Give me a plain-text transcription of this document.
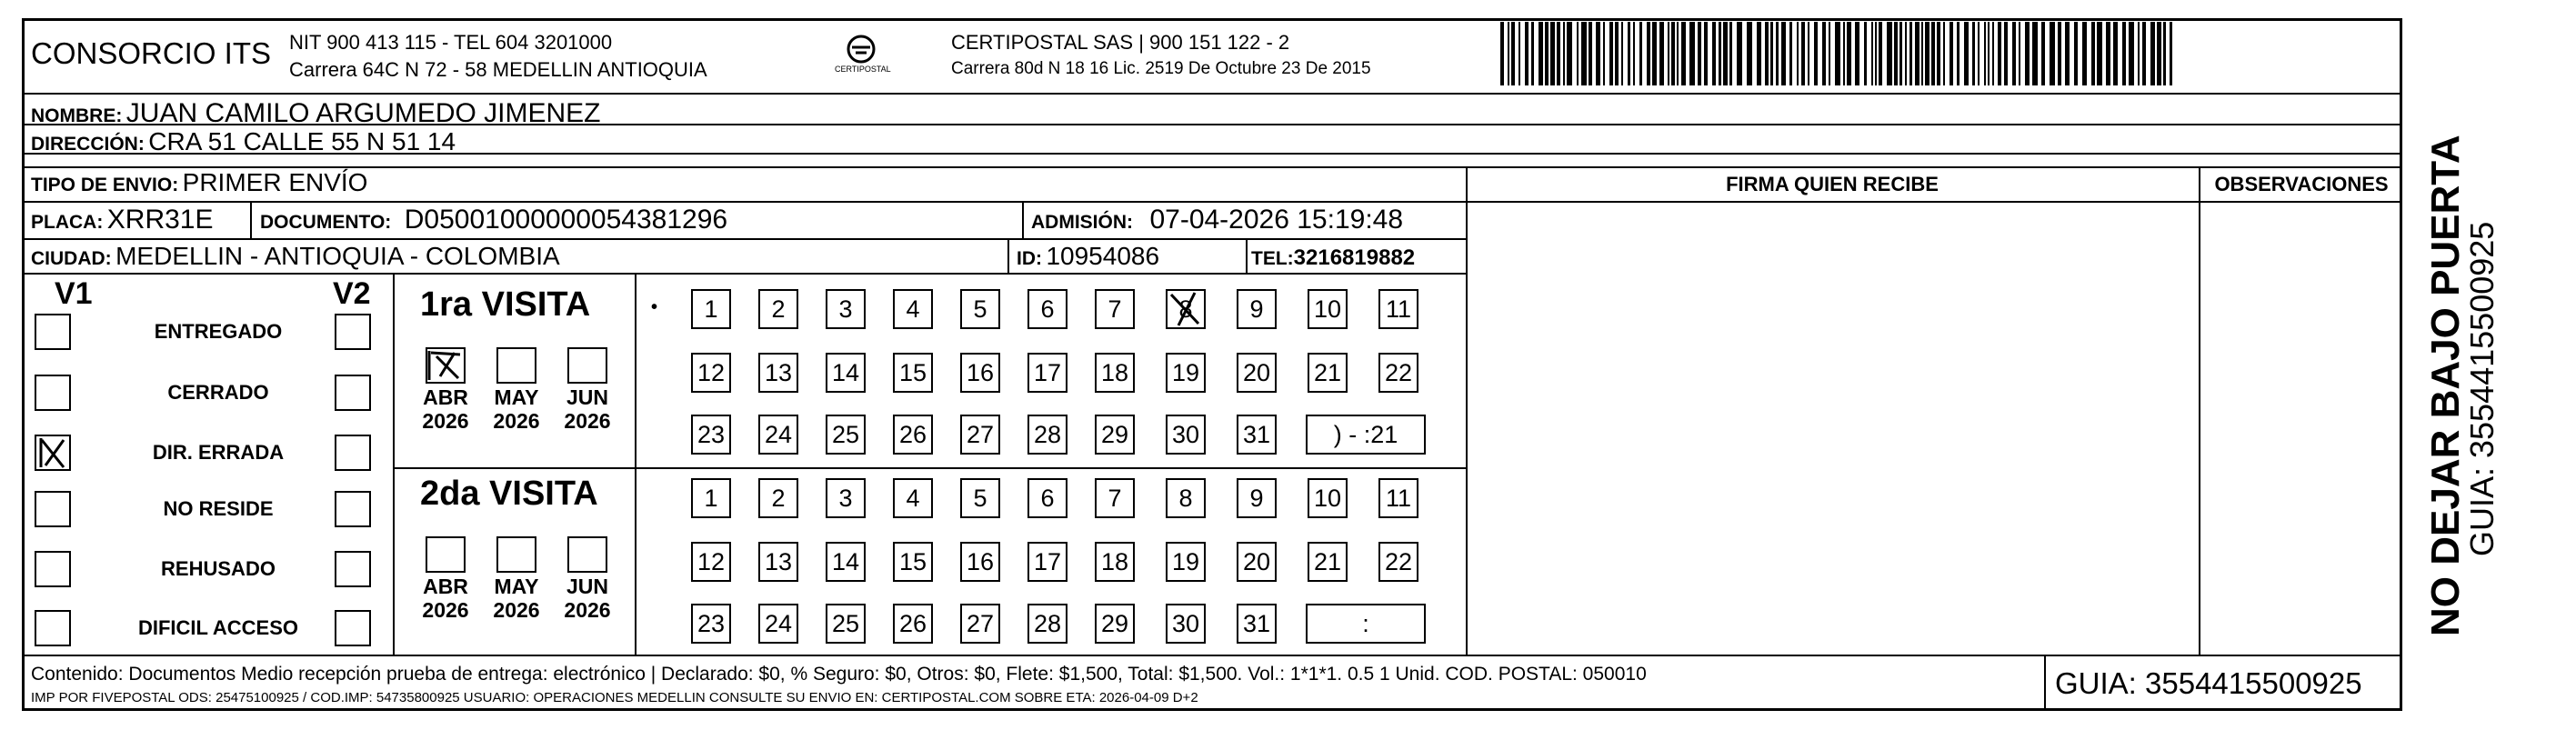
CONSORCIO ITS NIT 900 413 115 - TEL 604 3201000
Carrera 64C N 72 - 58 MEDELLIN ANTIOQUIA	CERTIPOSTAL
CERTIPOSTAL SAS | 900 151 122 - 2
Carrera 80d N 18 16 Lic. 2519 De Octubre 23 De 2015
NOMBRE: JUAN CAMILO ARGUMEDO JIMENEZ
DIRECCIÓN: CRA 51 CALLE 55 N 51 14
TIPO DE ENVIO: PRIMER ENVÍO	FIRMA QUIEN RECIBE	OBSERVACIONES
PLACA: XRR31E DOCUMENTO: D05001000000054381296	ADMISIÓN: 07-04-2026 15:19:48
CIUDAD: MEDELLIN - ANTIOQUIA - COLOMBIA	ID: 10954086	TEL:3216819882
V1	V2
ENTREGADO
CERRADO
DIR. ERRADA
NO RESIDE
REHUSADO
DIFICIL ACCESO
1ra VISITA
2da VISITA
•
ABR
2026
MAY
2026
JUN
2026
1	2	3	4	5	6	7	8	9	10 11
12 13 14 15 16 17 18 19 20 21 22
23 24 25 26 27 28 29 30 31	) - :21
ABR
2026
MAY
2026
JUN
2026
1	2	3	4	5	6	7	8	9	10 11
12 13 14 15 16 17 18 19 20 21 22
23 24 25 26 27 28 29 30 31	:
Contenido: Documentos Medio recepción prueba de entrega: electrónico | Declarado: $0, % Seguro: $0, Otros: $0, Flete: $1,500, Total: $1,500. Vol.: 1*1*1. 0.5 1 Unid. COD. POSTAL: 050010
IMP POR FIVEPOSTAL ODS: 25475100925 / COD.IMP: 54735800925 USUARIO: OPERACIONES MEDELLIN CONSULTE SU ENVIO EN: CERTIPOSTAL.COM SOBRE ETA: 2026-04-09 D+2	GUIA: 3554415500925
NO DEJAR BAJO PUERTA
GUIA: 3554415500925
